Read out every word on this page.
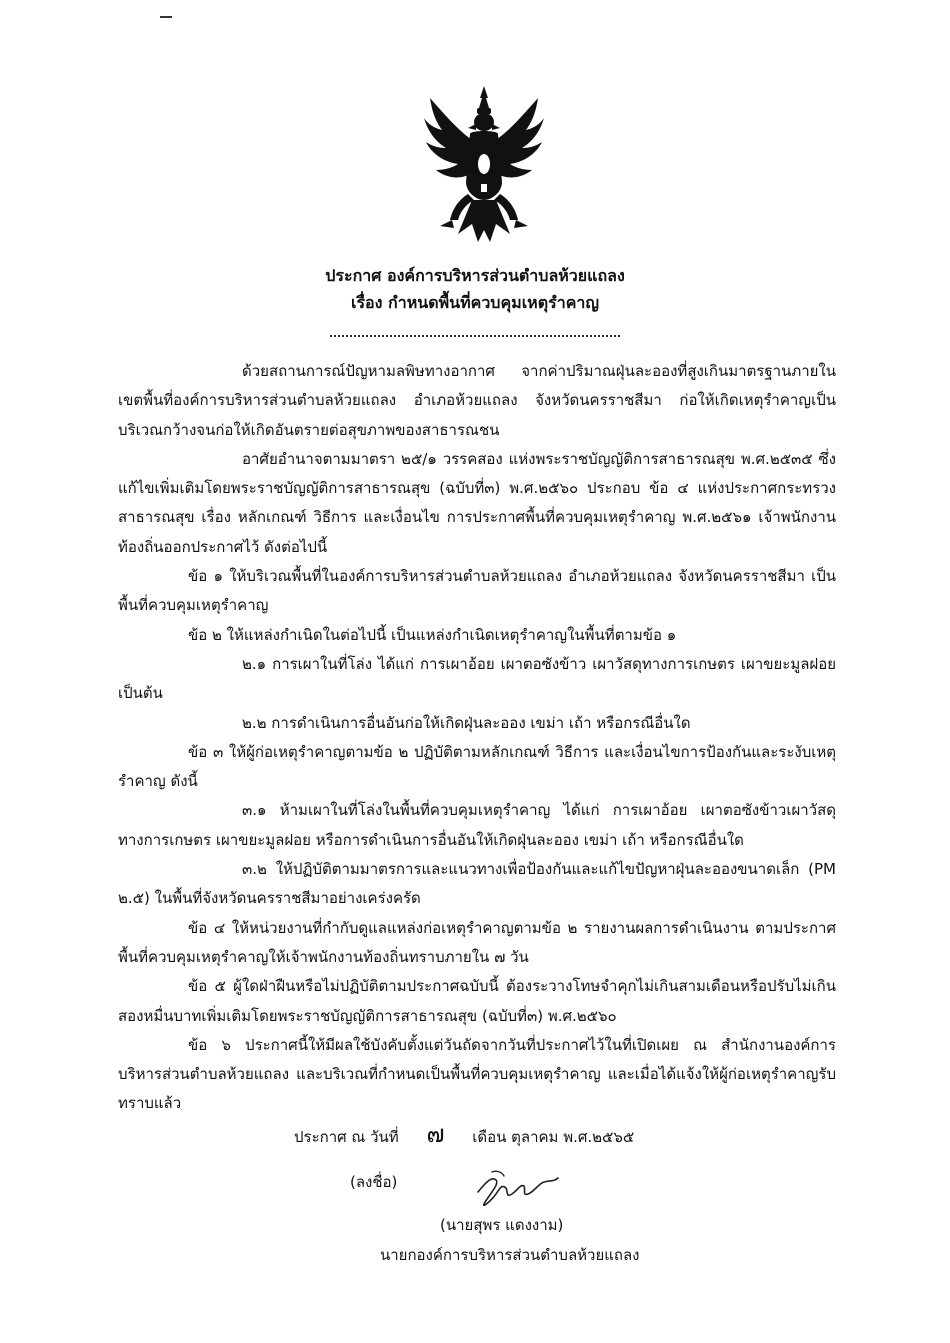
ประกาศ องค์การบริหารส่วนตำบลห้วยแถลง
เรื่อง กำหนดพื้นที่ควบคุมเหตุรำคาญ

ด้วยสถานการณ์ปัญหามลพิษทางอากาศ จากค่าปริมาณฝุ่นละอองที่สูงเกินมาตรฐานภายในเขตพื้นที่องค์การบริหารส่วนตำบลห้วยแถลง อำเภอห้วยแถลง จังหวัดนครราชสีมา ก่อให้เกิดเหตุรำคาญเป็นบริเวณกว้างจนก่อให้เกิดอันตรายต่อสุขภาพของสาธารณชน

อาศัยอำนาจตามมาตรา ๒๕/๑ วรรคสอง แห่งพระราชบัญญัติการสาธารณสุข พ.ศ.๒๕๓๕ ซึ่งแก้ไขเพิ่มเติมโดยพระราชบัญญัติการสาธารณสุข (ฉบับที่๓) พ.ศ.๒๕๖๐ ประกอบ ข้อ ๔ แห่งประกาศกระทรวงสาธารณสุข เรื่อง หลักเกณฑ์ วิธีการ และเงื่อนไข การประกาศพื้นที่ควบคุมเหตุรำคาญ พ.ศ.๒๕๖๑ เจ้าพนักงานท้องถิ่นออกประกาศไว้ ดังต่อไปนี้

ข้อ ๑ ให้บริเวณพื้นที่ในองค์การบริหารส่วนตำบลห้วยแถลง อำเภอห้วยแถลง จังหวัดนครราชสีมา เป็นพื้นที่ควบคุมเหตุรำคาญ

ข้อ ๒ ให้แหล่งกำเนิดในต่อไปนี้ เป็นแหล่งกำเนิดเหตุรำคาญในพื้นที่ตามข้อ ๑

๒.๑ การเผาในที่โล่ง ได้แก่ การเผาอ้อย เผาตอซังข้าว เผาวัสดุทางการเกษตร เผาขยะมูลฝอย เป็นต้น

๒.๒ การดำเนินการอื่นอันก่อให้เกิดฝุ่นละออง เขม่า เถ้า หรือกรณีอื่นใด

ข้อ ๓ ให้ผู้ก่อเหตุรำคาญตามข้อ ๒ ปฏิบัติตามหลักเกณฑ์ วิธีการ และเงื่อนไขการป้องกันและระงับเหตุรำคาญ ดังนี้

๓.๑ ห้ามเผาในที่โล่งในพื้นที่ควบคุมเหตุรำคาญ ได้แก่ การเผาอ้อย เผาตอซังข้าวเผาวัสดุทางการเกษตร เผาขยะมูลฝอย หรือการดำเนินการอื่นอันให้เกิดฝุ่นละออง เขม่า เถ้า หรือกรณีอื่นใด

๓.๒ ให้ปฏิบัติตามมาตรการและแนวทางเพื่อป้องกันและแก้ไขปัญหาฝุ่นละอองขนาดเล็ก (PM ๒.๕) ในพื้นที่จังหวัดนครราชสีมาอย่างเคร่งครัด

ข้อ ๔ ให้หน่วยงานที่กำกับดูแลแหล่งก่อเหตุรำคาญตามข้อ ๒ รายงานผลการดำเนินงาน ตามประกาศพื้นที่ควบคุมเหตุรำคาญให้เจ้าพนักงานท้องถิ่นทราบภายใน ๗ วัน

ข้อ ๕ ผู้ใดฝ่าฝืนหรือไม่ปฏิบัติตามประกาศฉบับนี้ ต้องระวางโทษจำคุกไม่เกินสามเดือนหรือปรับไม่เกินสองหมื่นบาทเพิ่มเติมโดยพระราชบัญญัติการสาธารณสุข (ฉบับที่๓) พ.ศ.๒๕๖๐

ข้อ ๖ ประกาศนี้ให้มีผลใช้บังคับตั้งแต่วันถัดจากวันที่ประกาศไว้ในที่เปิดเผย ณ สำนักงานองค์การบริหารส่วนตำบลห้วยแถลง และบริเวณที่กำหนดเป็นพื้นที่ควบคุมเหตุรำคาญ และเมื่อได้แจ้งให้ผู้ก่อเหตุรำคาญรับทราบแล้ว

ประกาศ ณ วันที่ ๗ เดือน ตุลาคม พ.ศ.๒๕๖๕
(ลงชื่อ)
(นายสุพร แดงงาม)
นายกองค์การบริหารส่วนตำบลห้วยแถลง
